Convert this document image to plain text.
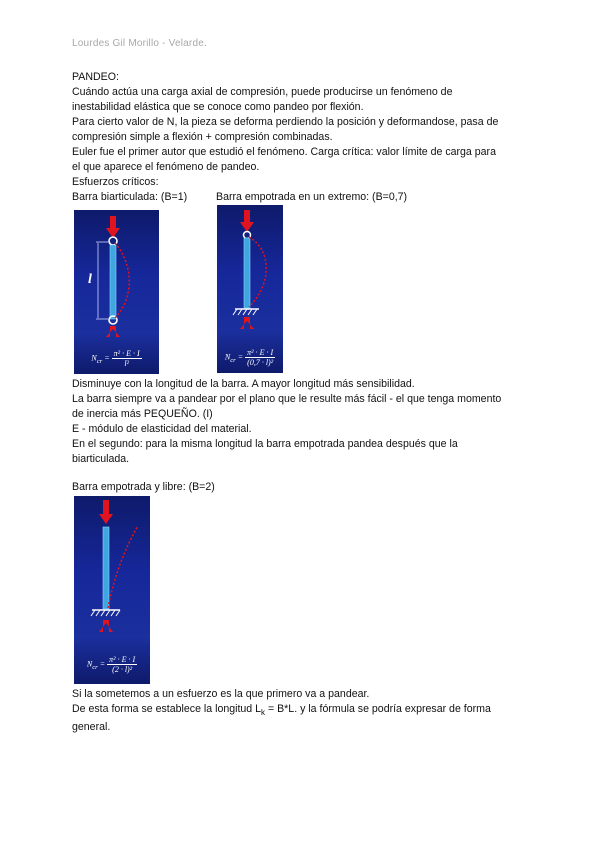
Lourdes Gil Morillo - Velarde.
PANDEO:
Cuándo actúa una carga axial de compresión, puede producirse un fenómeno de
inestabilidad elástica que se conoce como pandeo por flexión.
Para cierto valor de N, la pieza se deforma perdiendo la posición y deformandose, pasa de
compresión simple a flexión + compresión combinadas.
Euler fue el primer autor que estudió el fenómeno. Carga crítica: valor límite de carga para
el que aparece el fenómeno de pandeo.
Esfuerzos críticos:
Barra biarticulada: (B=1)	Barra empotrada en un extremo: (B=0,7)
l
$N_{cr} = \frac{\text{π² · E · I}}{\text{l²}}$	$N_{cr} = \frac{\text{π² · E · I}}{\text{(0,7 · l)²}}$
Disminuye con la longitud de la barra. A mayor longitud más sensibilidad.
La barra siempre va a pandear por el plano que le resulte más fácil - el que tenga momento
de inercia más PEQUEÑO. (I)
E - módulo de elasticidad del material.
En el segundo: para la misma longitud la barra empotrada pandea después que la
biarticulada.
Barra empotrada y libre: (B=2)
$N_{cr} = \frac{\text{π² · E · I}}{\text{(2 · l)²}}$
Si la sometemos a un esfuerzo es la que primero va a pandear.
De esta forma se establece la longitud $L_k = B*L$. y la fórmula se podría expresar de forma
general.
